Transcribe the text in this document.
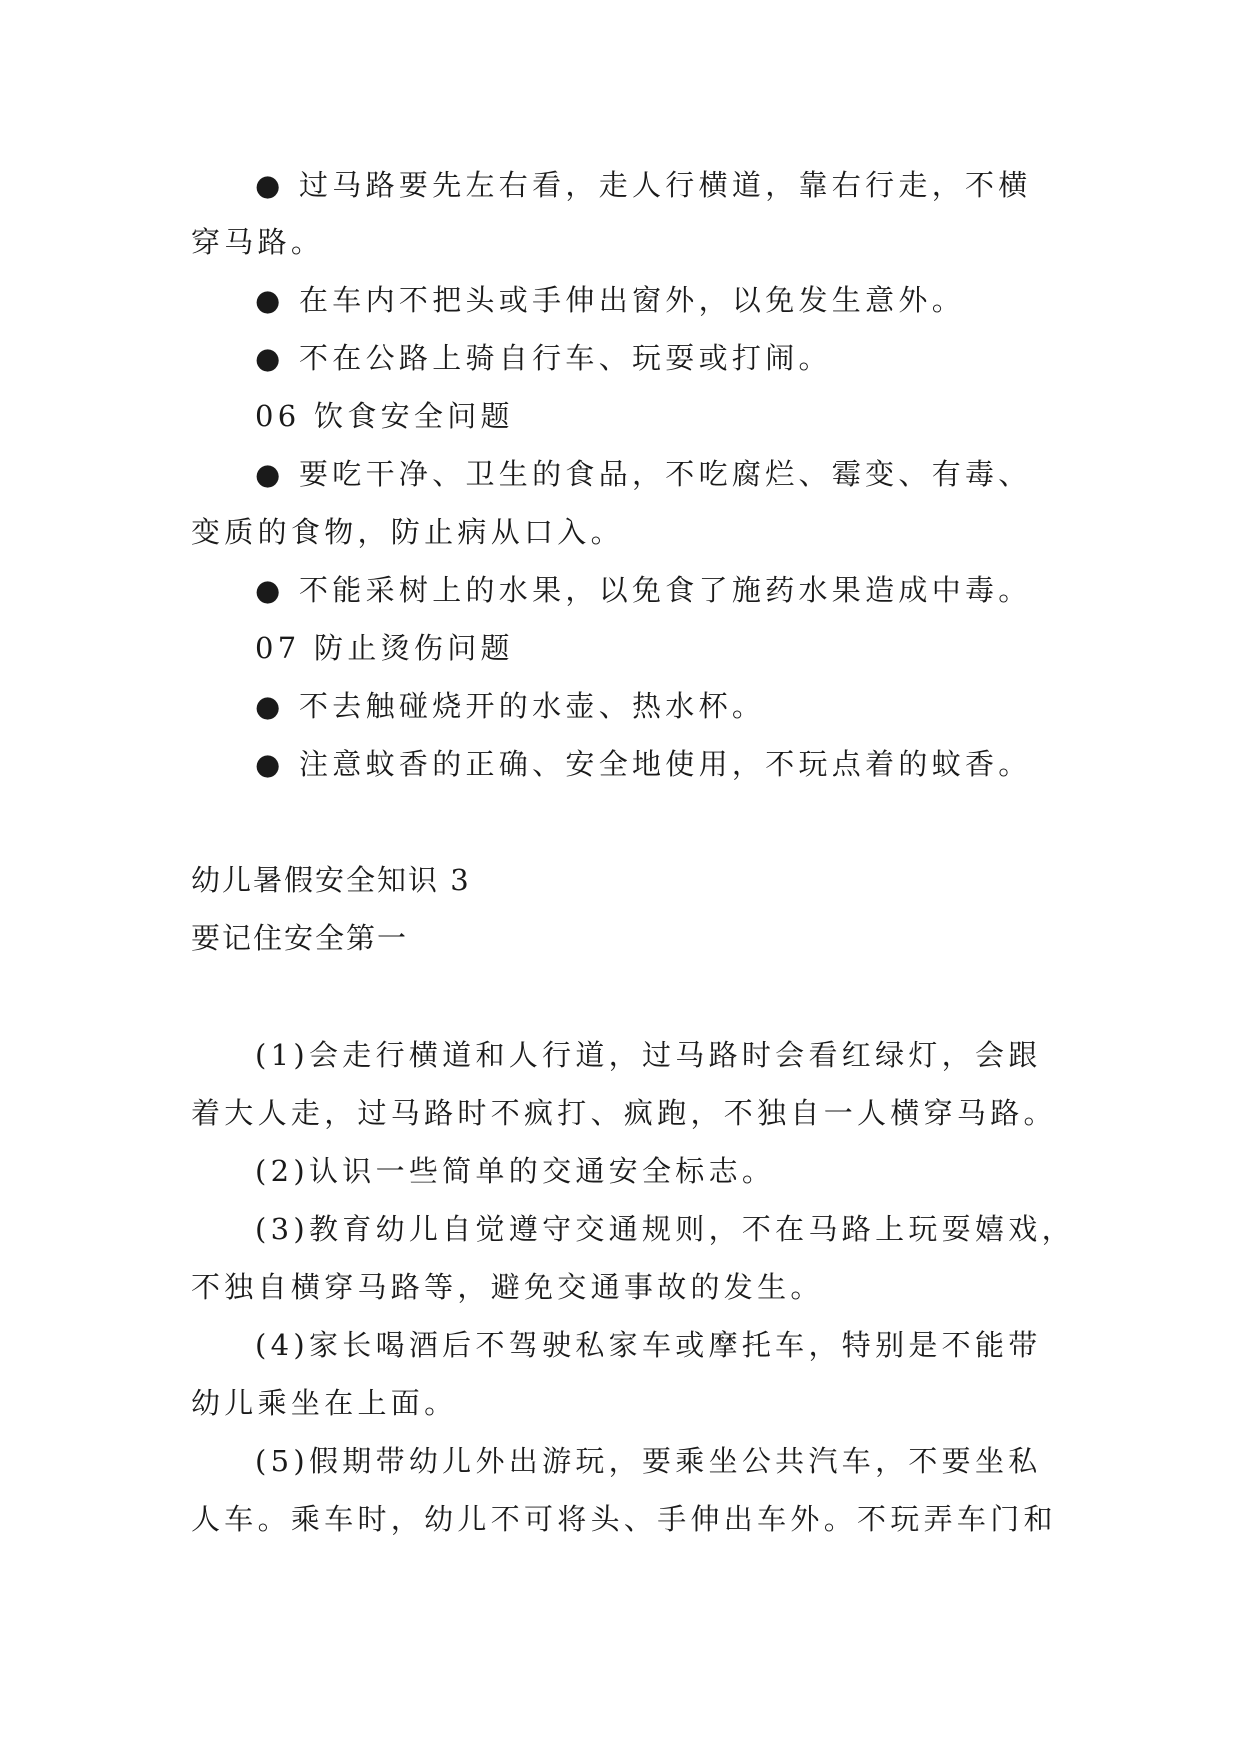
● 过马路要先左右看，走人行横道，靠右行走，不横
穿马路。
● 在车内不把头或手伸出窗外，以免发生意外。
● 不在公路上骑自行车、玩耍或打闹。
06 饮食安全问题
● 要吃干净、卫生的食品，不吃腐烂、霉变、有毒、
变质的食物，防止病从口入。
● 不能采树上的水果，以免食了施药水果造成中毒。
07 防止烫伤问题
● 不去触碰烧开的水壶、热水杯。
● 注意蚊香的正确、安全地使用，不玩点着的蚊香。
幼儿暑假安全知识 3
要记住安全第一
(1)会走行横道和人行道，过马路时会看红绿灯，会跟
着大人走，过马路时不疯打、疯跑，不独自一人横穿马路。
(2)认识一些简单的交通安全标志。
(3)教育幼儿自觉遵守交通规则，不在马路上玩耍嬉戏，
不独自横穿马路等，避免交通事故的发生。
(4)家长喝酒后不驾驶私家车或摩托车，特别是不能带
幼儿乘坐在上面。
(5)假期带幼儿外出游玩，要乘坐公共汽车，不要坐私
人车。乘车时，幼儿不可将头、手伸出车外。不玩弄车门和
